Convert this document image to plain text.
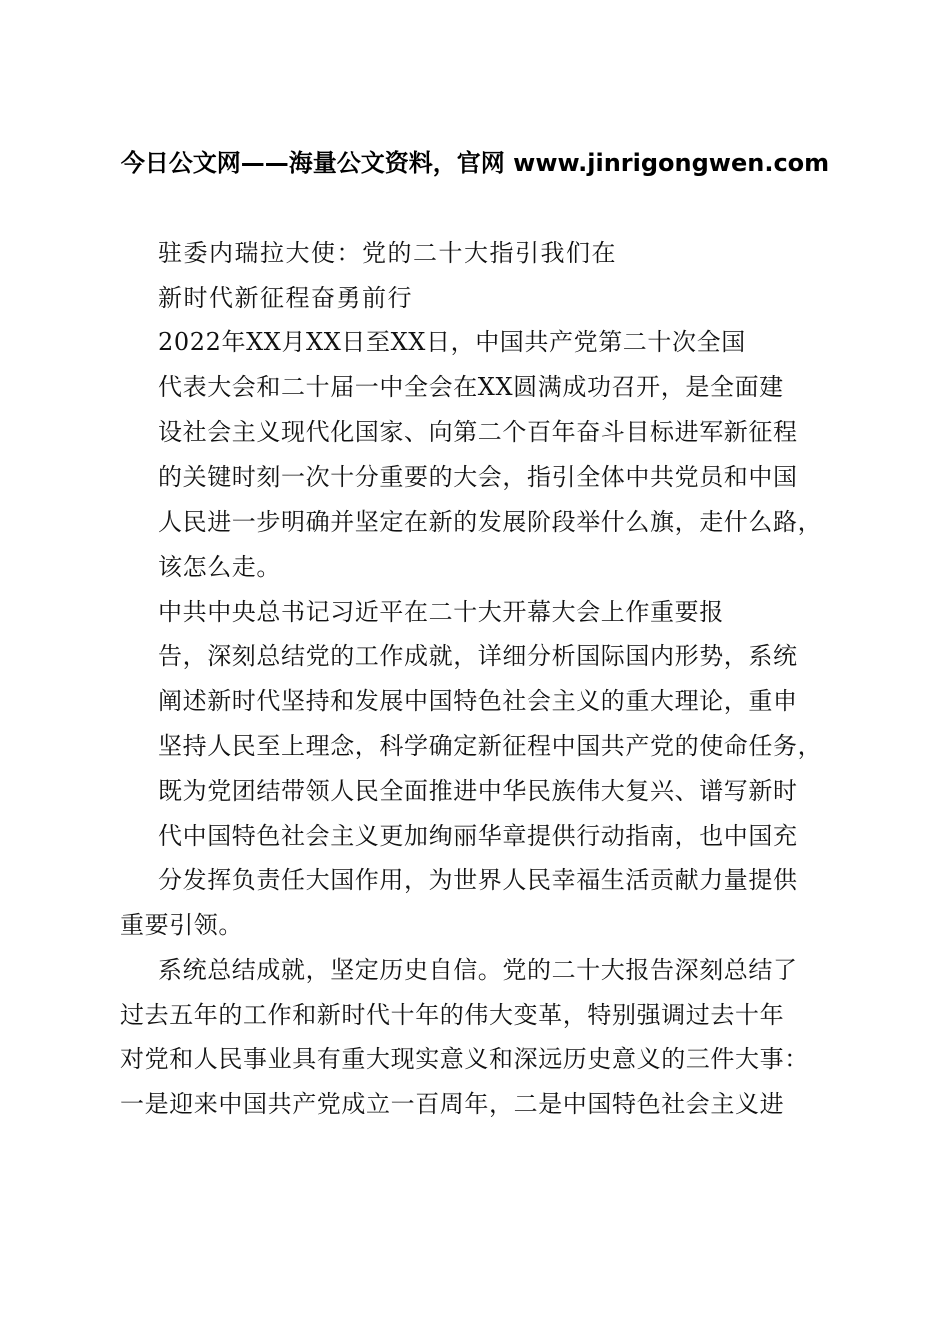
今日公文网——海量公文资料，官网 www.jinrigongwen.com
驻委内瑞拉大使：党的二十大指引我们在
新时代新征程奋勇前行
2022年XX月XX日至XX日，中国共产党第二十次全国
代表大会和二十届一中全会在XX圆满成功召开，是全面建
设社会主义现代化国家、向第二个百年奋斗目标进军新征程
的关键时刻一次十分重要的大会，指引全体中共党员和中国
人民进一步明确并坚定在新的发展阶段举什么旗，走什么路，
该怎么走。
中共中央总书记习近平在二十大开幕大会上作重要报
告，深刻总结党的工作成就，详细分析国际国内形势，系统
阐述新时代坚持和发展中国特色社会主义的重大理论，重申
坚持人民至上理念，科学确定新征程中国共产党的使命任务，
既为党团结带领人民全面推进中华民族伟大复兴、谱写新时
代中国特色社会主义更加绚丽华章提供行动指南，也中国充
分发挥负责任大国作用，为世界人民幸福生活贡献力量提供
重要引领。
系统总结成就，坚定历史自信。党的二十大报告深刻总结了
过去五年的工作和新时代十年的伟大变革，特别强调过去十年
对党和人民事业具有重大现实意义和深远历史意义的三件大事：
一是迎来中国共产党成立一百周年，二是中国特色社会主义进
